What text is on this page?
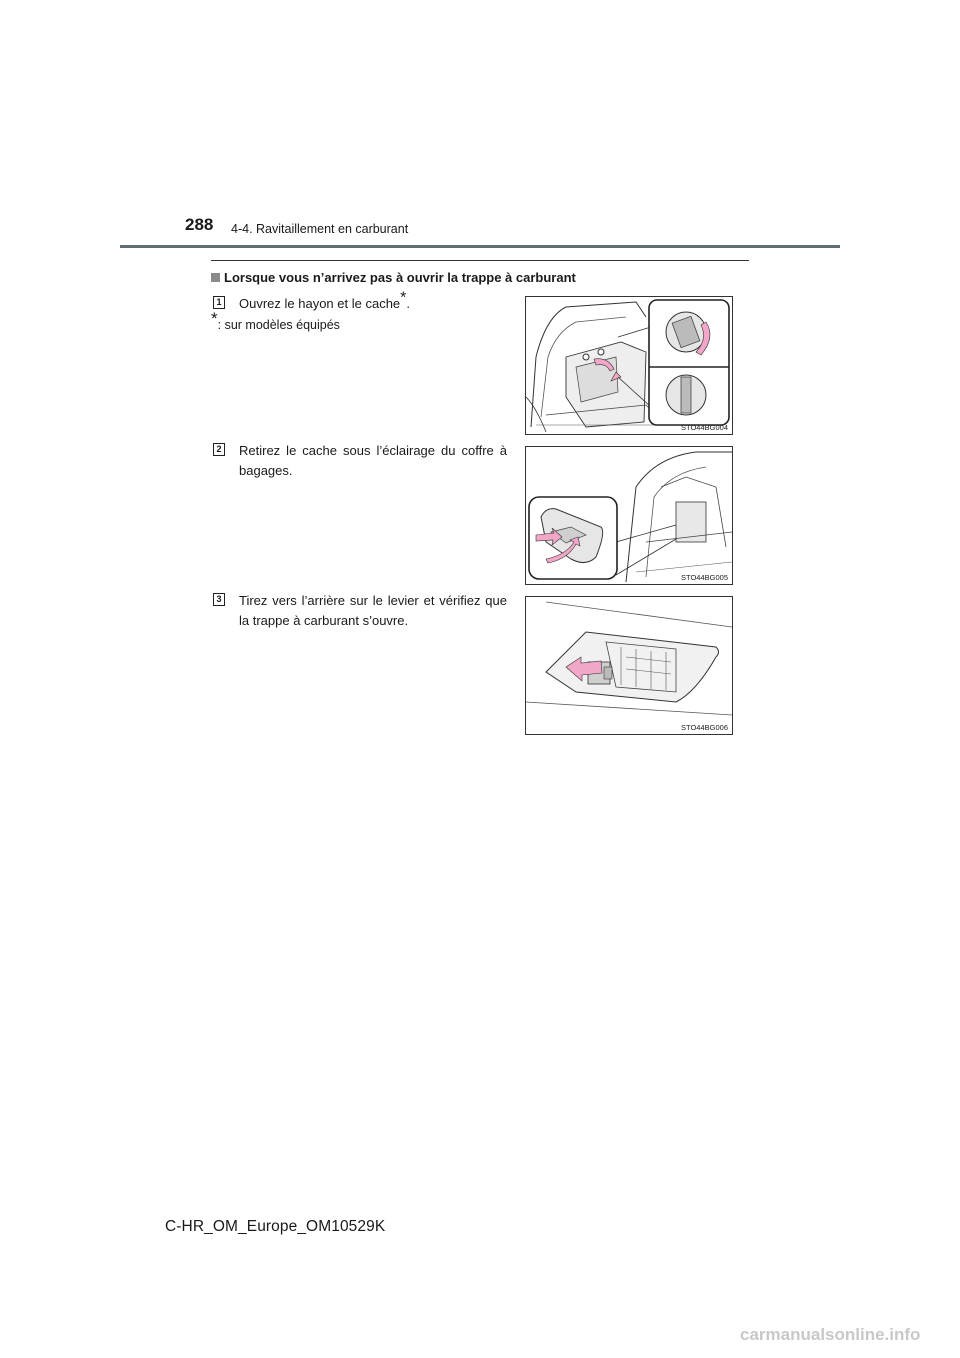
288 4-4. Ravitaillement en carburant
Lorsque vous n’arrivez pas à ouvrir la trappe à carburant
1 Ouvrez le hayon et le cache*.
*: sur modèles équipés
STO44BG004
2 Retirez le cache sous l’éclairage du coffre à bagages.
STO44BG005
3 Tirez vers l’arrière sur le levier et vérifiez que la trappe à carburant s’ouvre.
STO44BG006
C-HR_OM_Europe_OM10529K
carmanualsonline.info
